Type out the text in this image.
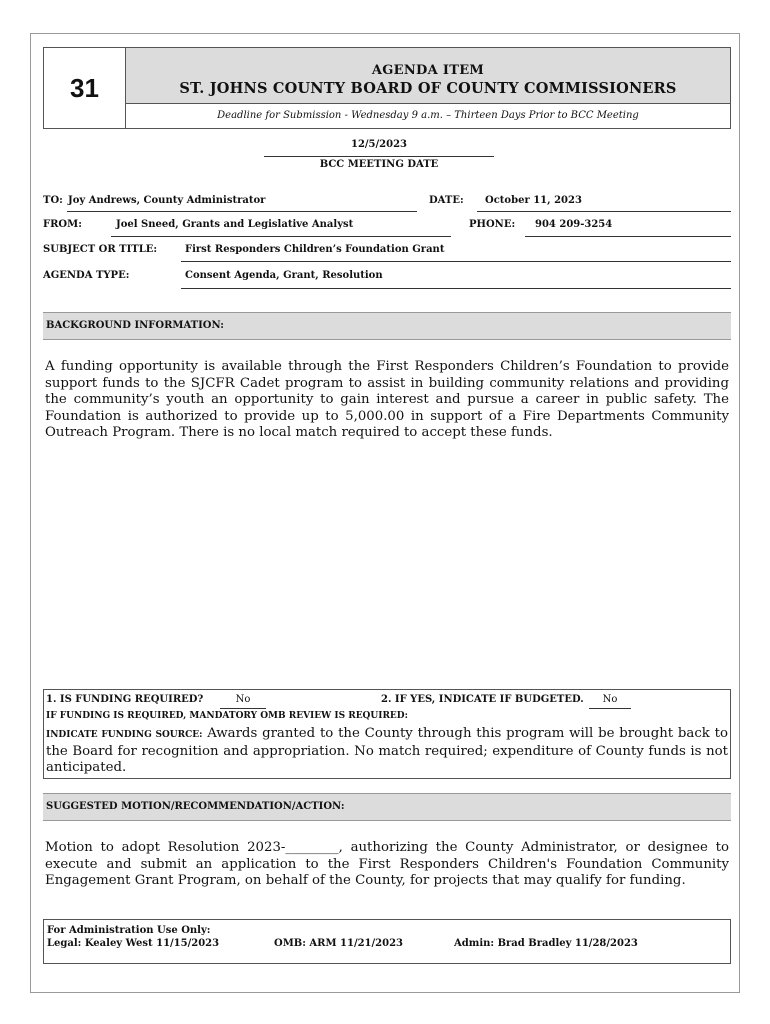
31
AGENDA ITEM
ST. JOHNS COUNTY BOARD OF COUNTY COMMISSIONERS
Deadline for Submission - Wednesday 9 a.m. – Thirteen Days Prior to BCC Meeting
12/5/2023
BCC MEETING DATE
TO: Joy Andrews, County Administrator	DATE: October 11, 2023
FROM:	Joel Sneed, Grants and Legislative Analyst	PHONE: 904 209-3254
SUBJECT OR TITLE:	First Responders Children’s Foundation Grant
AGENDA TYPE:	Consent Agenda, Grant, Resolution
BACKGROUND INFORMATION:
A funding opportunity is available through the First Responders Children’s Foundation to provide support funds to the SJCFR Cadet program to assist in building community relations and providing the community’s youth an opportunity to gain interest and pursue a career in public safety. The Foundation is authorized to provide up to 5,000.00 in support of a Fire Departments Community Outreach Program. There is no local match required to accept these funds.
1. IS FUNDING REQUIRED?	No	2. IF YES, INDICATE IF BUDGETED.	No
IF FUNDING IS REQUIRED, MANDATORY OMB REVIEW IS REQUIRED:
INDICATE FUNDING SOURCE: Awards granted to the County through this program will be brought back to the Board for recognition and appropriation. No match required; expenditure of County funds is not anticipated.
SUGGESTED MOTION/RECOMMENDATION/ACTION:
Motion to adopt Resolution 2023-________, authorizing the County Administrator, or designee to execute and submit an application to the First Responders Children's Foundation Community Engagement Grant Program, on behalf of the County, for projects that may qualify for funding.
For Administration Use Only:
Legal: Kealey West 11/15/2023	OMB: ARM 11/21/2023	Admin: Brad Bradley 11/28/2023
